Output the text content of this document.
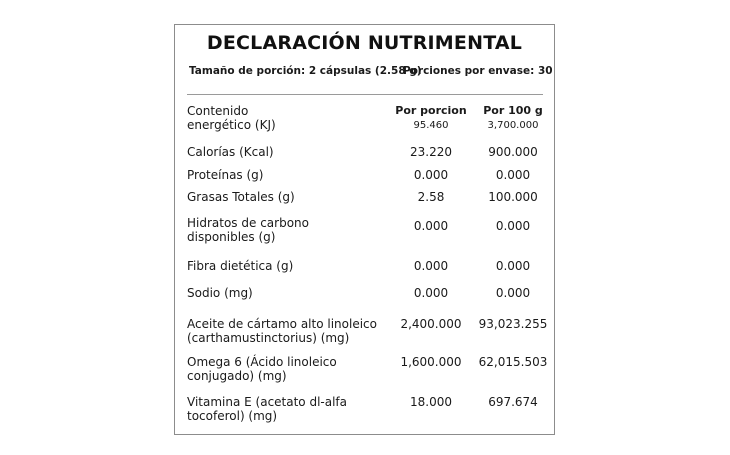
DECLARACIÓN NUTRIMENTAL
Tamaño de porción: 2 cápsulas (2.58 g)
Porciones por envase: 30
Por porcion	Por 100 g
Contenido
energético (KJ)	95.460	3,700.000
Calorías (Kcal)	23.220	900.000
Proteínas (g)	0.000	0.000
Grasas Totales (g)	2.58	100.000
Hidratos de carbono
disponibles (g)
0.000	0.000
Fibra dietética (g)	0.000	0.000
Sodio (mg)	0.000	0.000
Aceite de cártamo alto linoleico
(carthamustinctorius) (mg)
2,400.000	93,023.255
Omega 6 (Ácido linoleico
conjugado) (mg)
1,600.000	62,015.503
Vitamina E (acetato dl-alfa
tocoferol) (mg)
18.000	697.674
